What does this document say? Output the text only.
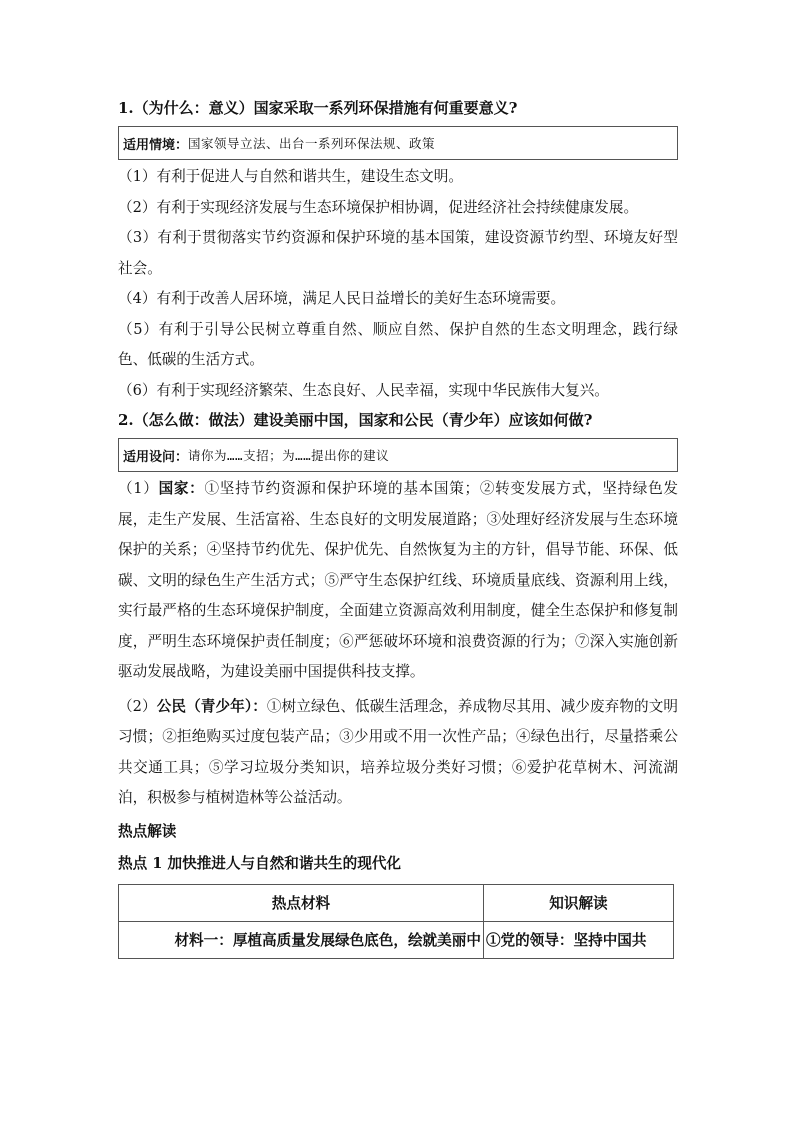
1.（为什么：意义）国家采取一系列环保措施有何重要意义?

适用情境： 国家领导立法、出台一系列环保法规、政策

（1）有利于促进人与自然和谐共生，建设生态文明。

（2）有利于实现经济发展与生态环境保护相协调，促进经济社会持续健康发展。

（3）有利于贯彻落实节约资源和保护环境的基本国策，建设资源节约型、环境友好型社会。

（4）有利于改善人居环境，满足人民日益增长的美好生态环境需要。

（5）有利于引导公民树立尊重自然、顺应自然、保护自然的生态文明理念，践行绿色、低碳的生活方式。

（6）有利于实现经济繁荣、生态良好、人民幸福，实现中华民族伟大复兴。

2.（怎么做：做法）建设美丽中国，国家和公民（青少年）应该如何做?

适用设问： 请你为……支招；为……提出你的建议

（1）国家：①坚持节约资源和保护环境的基本国策；②转变发展方式，坚持绿色发展，走生产发展、生活富裕、生态良好的文明发展道路；③处理好经济发展与生态环境保护的关系；④坚持节约优先、保护优先、自然恢复为主的方针，倡导节能、环保、低碳、文明的绿色生产生活方式；⑤严守生态保护红线、环境质量底线、资源利用上线，实行最严格的生态环境保护制度，全面建立资源高效利用制度，健全生态保护和修复制度，严明生态环境保护责任制度；⑥严惩破坏环境和浪费资源的行为；⑦深入实施创新驱动发展战略，为建设美丽中国提供科技支撑。

（2）公民（青少年）：①树立绿色、低碳生活理念，养成物尽其用、减少废弃物的文明习惯；②拒绝购买过度包装产品；③少用或不用一次性产品；④绿色出行，尽量搭乘公共交通工具；⑤学习垃圾分类知识，培养垃圾分类好习惯；⑥爱护花草树木、河流湖泊，积极参与植树造林等公益活动。

热点解读

热点 1 加快推进人与自然和谐共生的现代化

热点材料	知识解读
材料一：厚植高质量发展绿色底色，绘就美丽中	①党的领导：坚持中国共
